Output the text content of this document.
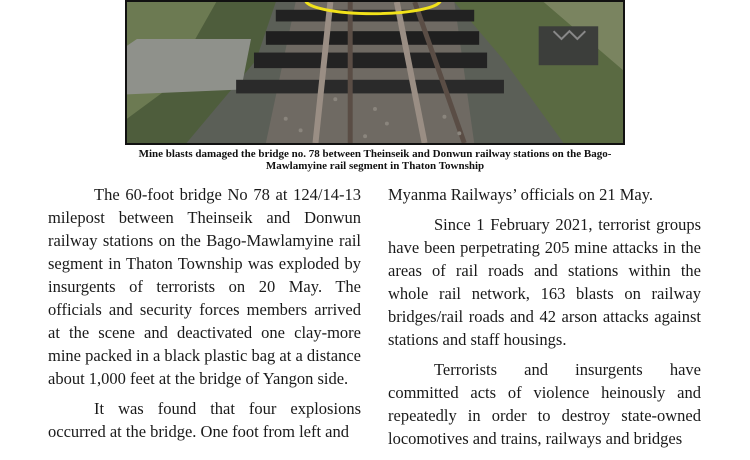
Mine blasts damaged the bridge no. 78 between Theinseik and Donwun railway stations on the Bago-
Mawlamyine rail segment in Thaton Township

The 60-foot bridge No 78 at 124/14-13 milepost between Theinseik and Donwun railway stations on the Bago-Mawlamyine rail segment in Thaton Township was exploded by insurgents of terrorists on 20 May. The officials and security forces members arrived at the scene and deactivated one clay-more mine packed in a black plastic bag at a distance about 1,000 feet at the bridge of Yangon side.

It was found that four explosions occurred at the bridge. One foot from left and

Myanma Railways’ officials on 21 May.

Since 1 February 2021, terrorist groups have been perpetrating 205 mine attacks in the areas of rail roads and stations within the whole rail network, 163 blasts on railway bridges/rail roads and 42 arson attacks against stations and staff housings.

Terrorists and insurgents have committed acts of violence heinously and repeatedly in order to destroy state-owned locomotives and trains, railways and bridges
